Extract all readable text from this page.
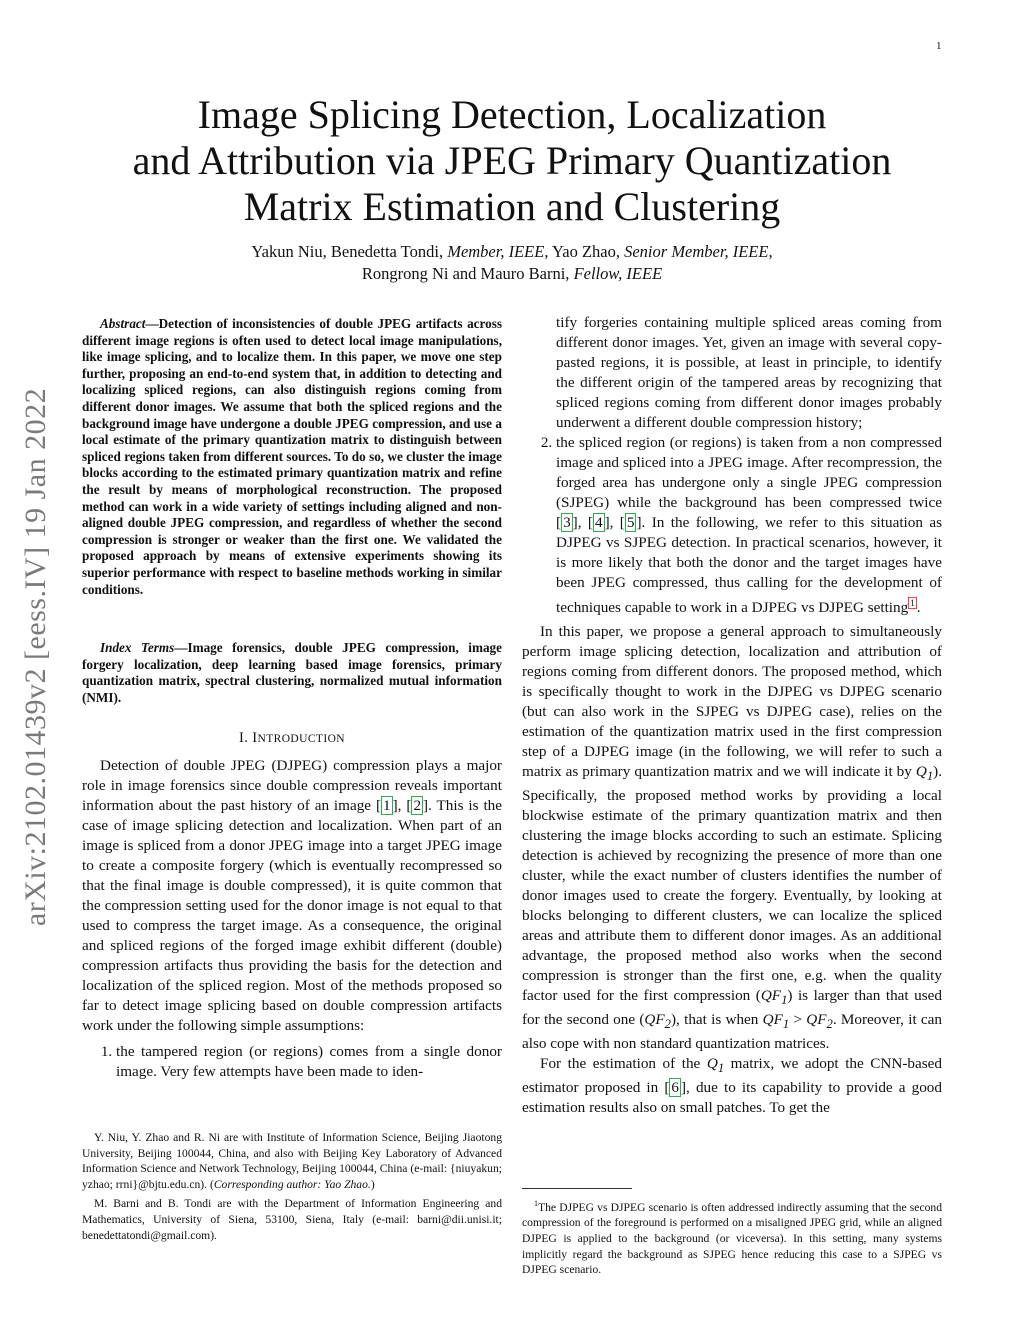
1
arXiv:2102.01439v2 [eess.IV] 19 Jan 2022
Image Splicing Detection, Localization
and Attribution via JPEG Primary Quantization
Matrix Estimation and Clustering
Yakun Niu, Benedetta Tondi, Member, IEEE, Yao Zhao, Senior Member, IEEE,
Rongrong Ni and Mauro Barni, Fellow, IEEE
Abstract—Detection of inconsistencies of double JPEG artifacts across different image regions is often used to detect local image manipulations, like image splicing, and to localize them. In this paper, we move one step further, proposing an end-to-end system that, in addition to detecting and localizing spliced regions, can also distinguish regions coming from different donor images. We assume that both the spliced regions and the background image have undergone a double JPEG compression, and use a local estimate of the primary quantization matrix to distinguish between spliced regions taken from different sources. To do so, we cluster the image blocks according to the estimated primary quantization matrix and refine the result by means of morphological reconstruction. The proposed method can work in a wide variety of settings including aligned and non-aligned double JPEG compression, and regardless of whether the second compression is stronger or weaker than the first one. We validated the proposed approach by means of extensive experiments showing its superior performance with respect to baseline methods working in similar conditions.
Index Terms—Image forensics, double JPEG compression, image forgery localization, deep learning based image forensics, primary quantization matrix, spectral clustering, normalized mutual information (NMI).
I. INTRODUCTION

Detection of double JPEG (DJPEG) compression plays a major role in image forensics since double compression reveals important information about the past history of an image [ 1 ], [ 2 ]. This is the case of image splicing detection and localization. When part of an image is spliced from a donor JPEG image into a target JPEG image to create a composite forgery (which is eventually recompressed so that the final image is double compressed), it is quite common that the compression setting used for the donor image is not equal to that used to compress the target image. As a consequence, the original and spliced regions of the forged image exhibit different (double) compression artifacts thus providing the basis for the detection and localization of the spliced region. Most of the methods proposed so far to detect image splicing based on double compression artifacts work under the following simple assumptions:

1. the tampered region (or regions) comes from a single donor image. Very few attempts have been made to iden-

tify forgeries containing multiple spliced areas coming from different donor images. Yet, given an image with several copy-pasted regions, it is possible, at least in principle, to identify the different origin of the tampered areas by recognizing that spliced regions coming from different donor images probably underwent a different double compression history;

2. the spliced region (or regions) is taken from a non compressed image and spliced into a JPEG image. After recompression, the forged area has undergone only a single JPEG compression (SJPEG) while the background has been compressed twice [ 3 ], [ 4 ], [ 5 ]. In the following, we refer to this situation as DJPEG vs SJPEG detection. In practical scenarios, however, it is more likely that both the donor and the target images have been JPEG compressed, thus calling for the development of techniques capable to work in a DJPEG vs DJPEG setting $^1$ .

In this paper, we propose a general approach to simultaneously perform image splicing detection, localization and attribution of regions coming from different donors. The proposed method, which is specifically thought to work in the DJPEG vs DJPEG scenario (but can also work in the SJPEG vs DJPEG case), relies on the estimation of the quantization matrix used in the first compression step of a DJPEG image (in the following, we will refer to such a matrix as primary quantization matrix and we will indicate it by $Q_1$). Specifically, the proposed method works by providing a local blockwise estimate of the primary quantization matrix and then clustering the image blocks according to such an estimate. Splicing detection is achieved by recognizing the presence of more than one cluster, while the exact number of clusters identifies the number of donor images used to create the forgery. Eventually, by looking at blocks belonging to different clusters, we can localize the spliced areas and attribute them to different donor images. As an additional advantage, the proposed method also works when the second compression is stronger than the first one, e.g. when the quality factor used for the first compression $(QF_1)$ is larger than that used for the second one $(QF_2)$, that is when $QF_1 > QF_2$. Moreover, it can also cope with non standard quantization matrices.

For the estimation of the $Q_1$ matrix, we adopt the CNN-based estimator proposed in [ 6 ], due to its capability to provide a good estimation results also on small patches. To get the

Y. Niu, Y. Zhao and R. Ni are with Institute of Information Science, Beijing Jiaotong University, Beijing 100044, China, and also with Beijing Key Laboratory of Advanced Information Science and Network Technology, Beijing 100044, China (e-mail: {niuyakun; yzhao; rrni}@bjtu.edu.cn). (Corresponding author: Yao Zhao.)

M. Barni and B. Tondi are with the Department of Information Engineering and Mathematics, University of Siena, 53100, Siena, Italy (e-mail: barni@dii.unisi.it; benedettatondi@gmail.com).

$^1$The DJPEG vs DJPEG scenario is often addressed indirectly assuming that the second compression of the foreground is performed on a misaligned JPEG grid, while an aligned DJPEG is applied to the background (or viceversa). In this setting, many systems implicitly regard the background as SJPEG hence reducing this case to a SJPEG vs DJPEG scenario.
